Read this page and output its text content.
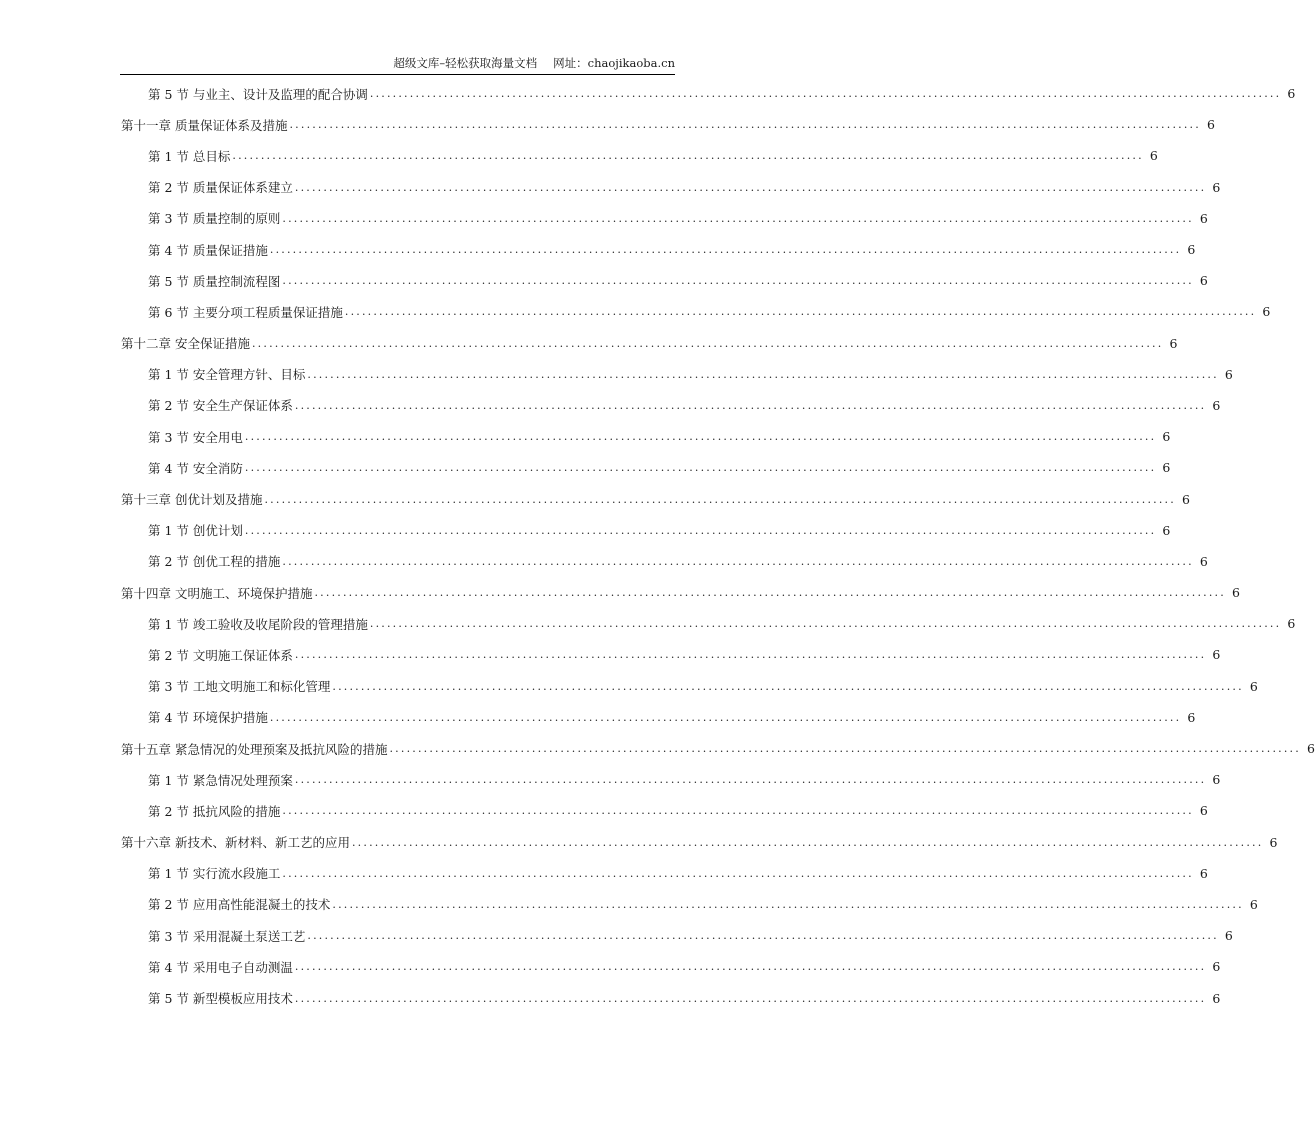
超级文库–轻松获取海量文档 网址：chaojikaoba.cn
第 5 节 与业主、设计及监理的配合协调 ................................................................................................................................................................ 6
第十一章 质量保证体系及措施 ................................................................................................................................................................ 6
第 1 节 总目标 ................................................................................................................................................................ 6
第 2 节 质量保证体系建立 ................................................................................................................................................................ 6
第 3 节 质量控制的原则 ................................................................................................................................................................ 6
第 4 节 质量保证措施 ................................................................................................................................................................ 6
第 5 节 质量控制流程图 ................................................................................................................................................................ 6
第 6 节 主要分项工程质量保证措施 ................................................................................................................................................................ 6
第十二章 安全保证措施 ................................................................................................................................................................ 6
第 1 节 安全管理方针、目标 ................................................................................................................................................................ 6
第 2 节 安全生产保证体系 ................................................................................................................................................................ 6
第 3 节 安全用电 ................................................................................................................................................................ 6
第 4 节 安全消防 ................................................................................................................................................................ 6
第十三章 创优计划及措施 ................................................................................................................................................................ 6
第 1 节 创优计划 ................................................................................................................................................................ 6
第 2 节 创优工程的措施 ................................................................................................................................................................ 6
第十四章 文明施工、环境保护措施 ................................................................................................................................................................ 6
第 1 节 竣工验收及收尾阶段的管理措施 ................................................................................................................................................................ 6
第 2 节 文明施工保证体系 ................................................................................................................................................................ 6
第 3 节 工地文明施工和标化管理 ................................................................................................................................................................ 6
第 4 节 环境保护措施 ................................................................................................................................................................ 6
第十五章 紧急情况的处理预案及抵抗风险的措施 ................................................................................................................................................................ 6
第 1 节 紧急情况处理预案 ................................................................................................................................................................ 6
第 2 节 抵抗风险的措施 ................................................................................................................................................................ 6
第十六章 新技术、新材料、新工艺的应用 ................................................................................................................................................................ 6
第 1 节 实行流水段施工 ................................................................................................................................................................ 6
第 2 节 应用高性能混凝土的技术 ................................................................................................................................................................ 6
第 3 节 采用混凝土泵送工艺 ................................................................................................................................................................ 6
第 4 节 采用电子自动测温 ................................................................................................................................................................ 6
第 5 节 新型模板应用技术 ................................................................................................................................................................ 6
